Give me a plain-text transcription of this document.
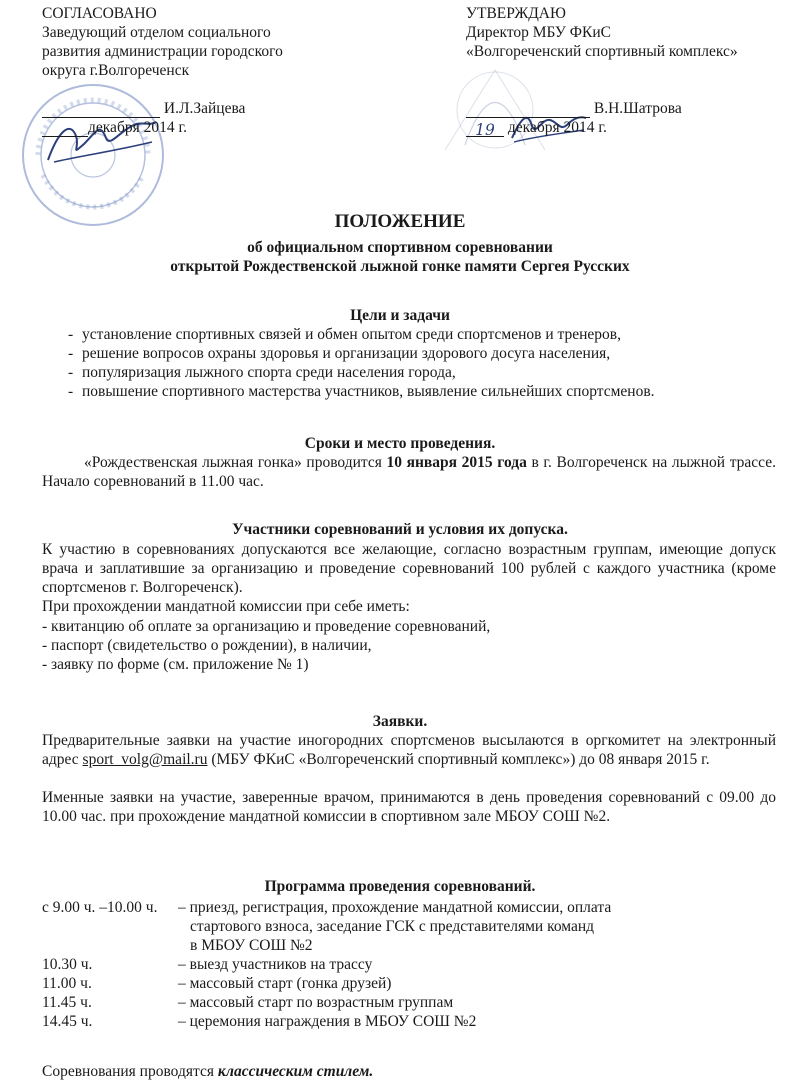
СОГЛАСОВАНО
Заведующий отделом социального
развития администрации городского
округа г.Волгореченск
И.Л.Зайцева
декабря 2014 г.
УТВЕРЖДАЮ
Директор МБУ ФКиС
«Волгореченский спортивный комплекс»
В.Н.Шатрова
19 декабря 2014 г.
ПОЛОЖЕНИЕ
об официальном спортивном соревновании
открытой Рождественской лыжной гонке памяти Сергея Русских
Цели и задачи
- установление спортивных связей и обмен опытом среди спортсменов и тренеров,
- решение вопросов охраны здоровья и организации здорового досуга населения,
- популяризация лыжного спорта среди населения города,
- повышение спортивного мастерства участников, выявление сильнейших спортсменов.
Сроки и место проведения.
«Рождественская лыжная гонка» проводится 10 января 2015 года в г. Волгореченск на лыжной трассе. Начало соревнований в 11.00 час.
Участники соревнований и условия их допуска.
К участию в соревнованиях допускаются все желающие, согласно возрастным группам, имеющие допуск врача и заплатившие за организацию и проведение соревнований 100 рублей с каждого участника (кроме спортсменов г. Волгореченск).
При прохождении мандатной комиссии при себе иметь:
- квитанцию об оплате за организацию и проведение соревнований,
- паспорт (свидетельство о рождении), в наличии,
- заявку по форме (см. приложение № 1)
Заявки.
Предварительные заявки на участие иногородних спортсменов высылаются в оргкомитет на электронный адрес sport_volg@mail.ru (МБУ ФКиС «Волгореченский спортивный комплекс») до 08 января 2015 г.
Именные заявки на участие, заверенные врачом, принимаются в день проведения соревнований с 09.00 до 10.00 час. при прохождение мандатной комиссии в спортивном зале МБОУ СОШ №2.
Программа проведения соревнований.
с 9.00 ч. –10.00 ч.	– приезд, регистрация, прохождение мандатной комиссии, оплата
стартового взноса, заседание ГСК с представителями команд
в МБОУ СОШ №2
10.30 ч.	– выезд участников на трассу
11.00 ч.	– массовый старт (гонка друзей)
11.45 ч.	– массовый старт по возрастным группам
14.45 ч.	– церемония награждения в МБОУ СОШ №2
Соревнования проводятся классическим стилем.
